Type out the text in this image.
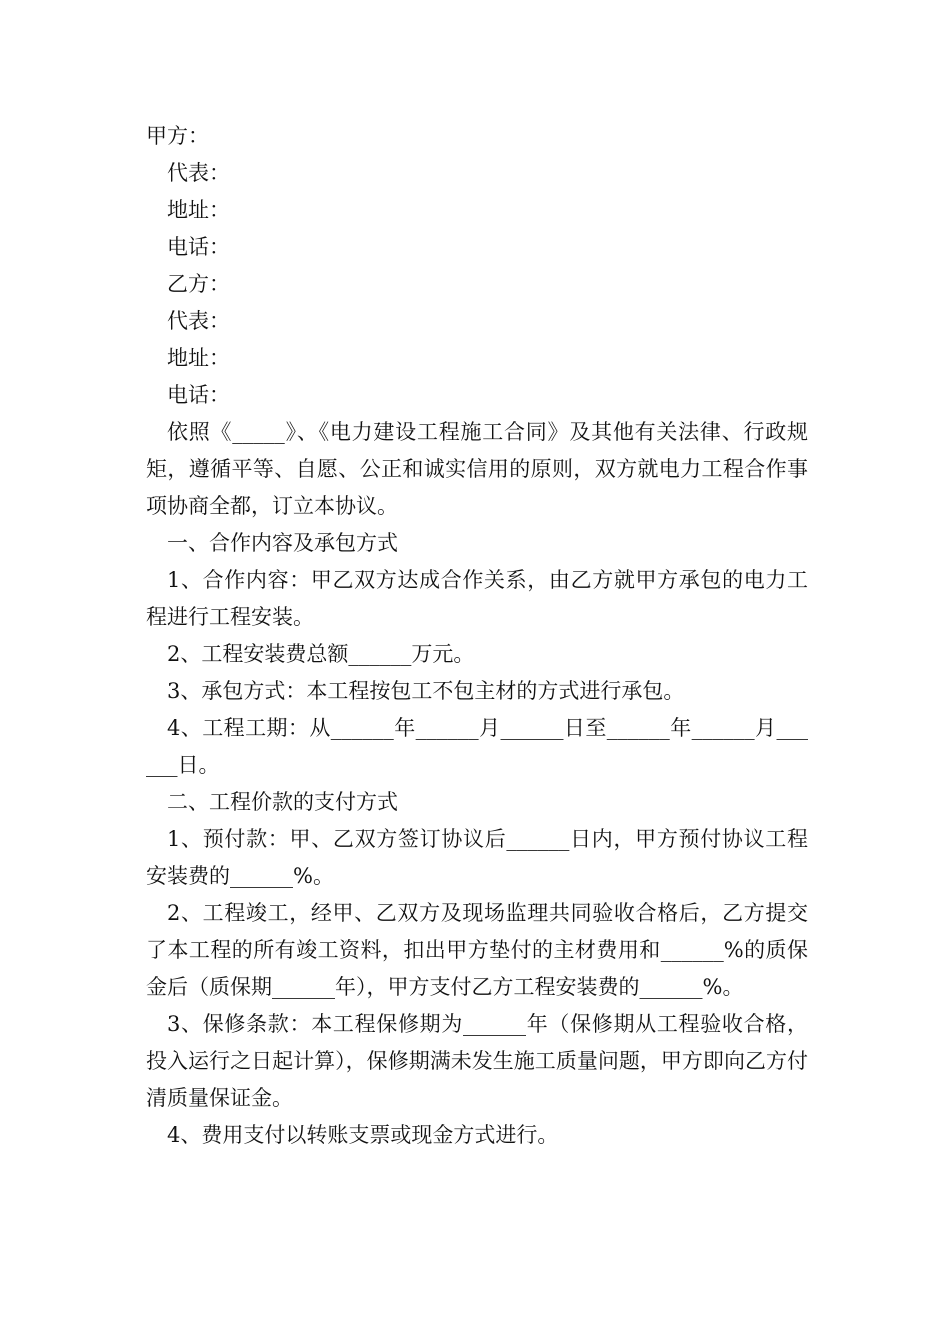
甲方：

代表：

地址：

电话：

乙方：

代表：

地址：

电话：

依照《_____》、《电力建设工程施工合同》及其他有关法律、行政规矩，遵循平等、自愿、公正和诚实信用的原则，双方就电力工程合作事项协商全都，订立本协议。

一、合作内容及承包方式

1、合作内容：甲乙双方达成合作关系，由乙方就甲方承包的电力工程进行工程安装。

2、工程安装费总额______万元。

3、承包方式：本工程按包工不包主材的方式进行承包。

4、工程工期：从______年______月______日至______年______月______日。

二、工程价款的支付方式

1、预付款：甲、乙双方签订协议后______日内，甲方预付协议工程安装费的______%。

2、工程竣工，经甲、乙双方及现场监理共同验收合格后，乙方提交了本工程的所有竣工资料，扣出甲方垫付的主材费用和______%的质保金后（质保期______年），甲方支付乙方工程安装费的______%。

3、保修条款：本工程保修期为______年（保修期从工程验收合格，投入运行之日起计算），保修期满未发生施工质量问题，甲方即向乙方付清质量保证金。

4、费用支付以转账支票或现金方式进行。
